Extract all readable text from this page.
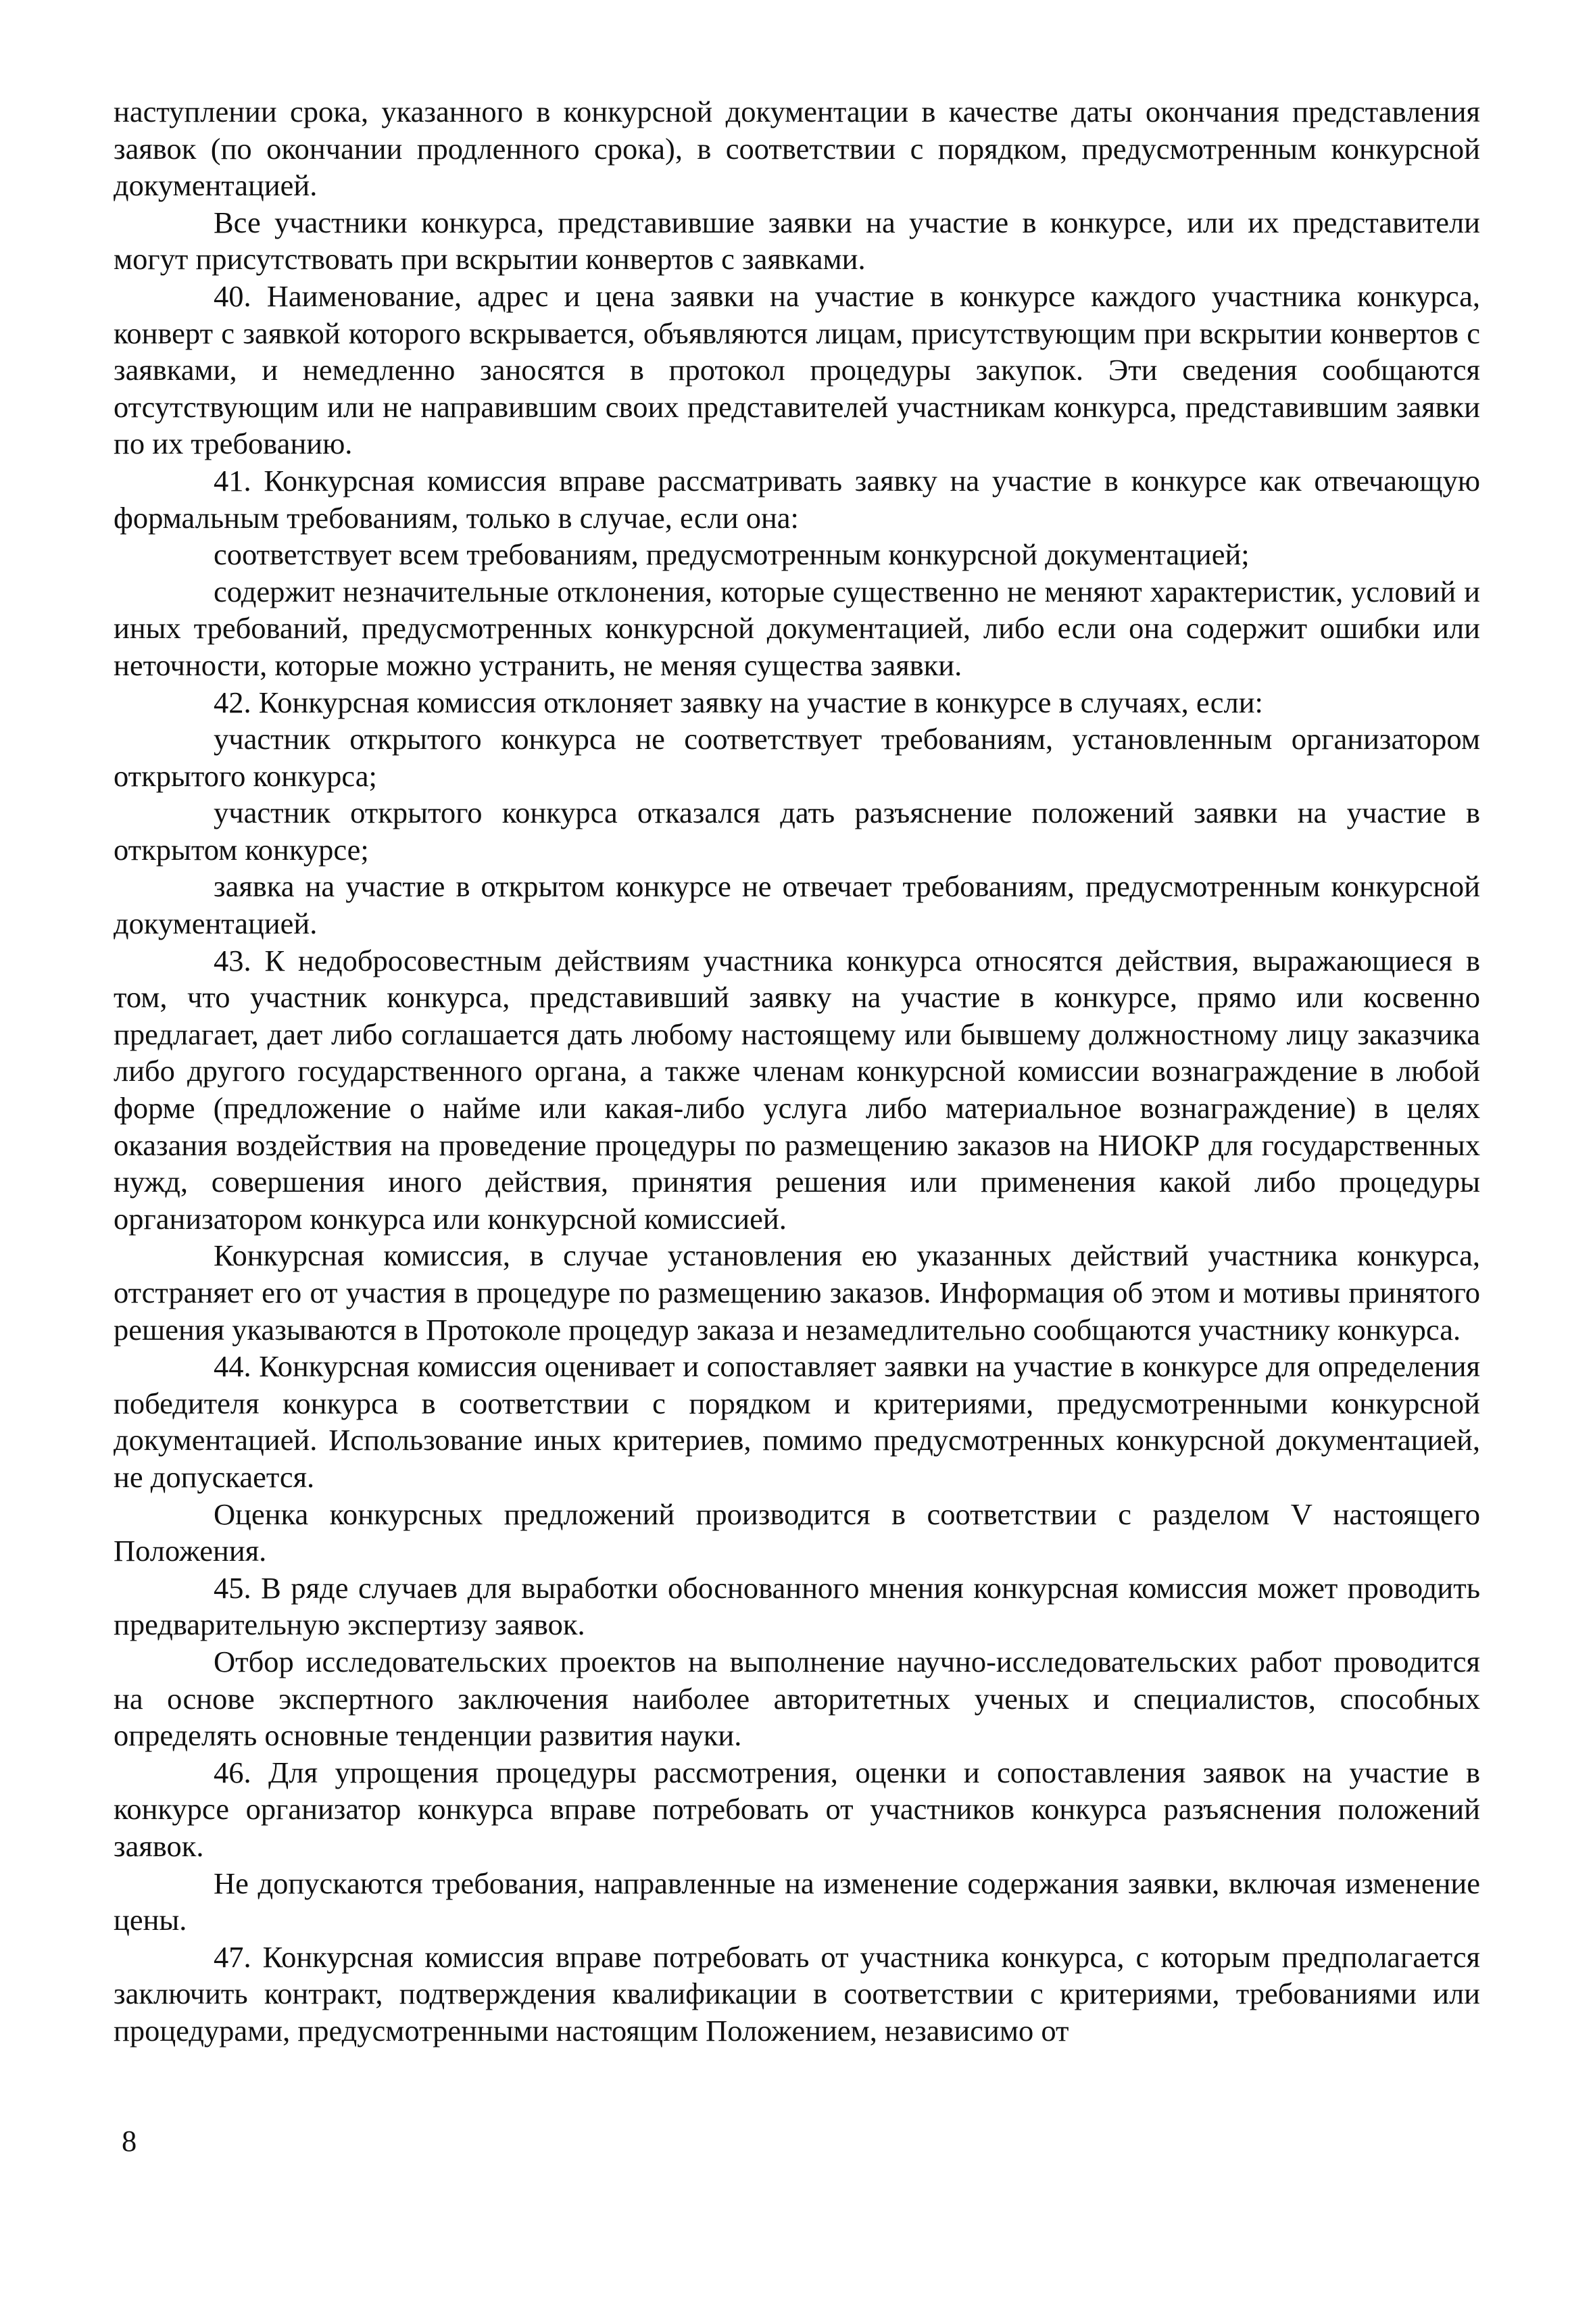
наступлении срока, указанного в конкурсной документации в качестве даты окончания представления заявок (по окончании продленного срока), в соответствии с порядком, предусмотренным конкурсной документацией.

Все участники конкурса, представившие заявки на участие в конкурсе, или их представители могут присутствовать при вскрытии конвертов с заявками.

40. Наименование, адрес и цена заявки на участие в конкурсе каждого участника конкурса, конверт с заявкой которого вскрывается, объявляются лицам, присутствующим при вскрытии конвертов с заявками, и немедленно заносятся в протокол процедуры закупок. Эти сведения сообщаются отсутствующим или не направившим своих представителей участникам конкурса, представившим заявки по их требованию.

41. Конкурсная комиссия вправе рассматривать заявку на участие в конкурсе как отвечающую формальным требованиям, только в случае, если она:

соответствует всем требованиям, предусмотренным конкурсной документацией;

содержит незначительные отклонения, которые существенно не меняют характеристик, условий и иных требований, предусмотренных конкурсной документацией, либо если она содержит ошибки или неточности, которые можно устранить, не меняя существа заявки.

42. Конкурсная комиссия отклоняет заявку на участие в конкурсе в случаях, если:

участник открытого конкурса не соответствует требованиям, установленным организатором открытого конкурса;

участник открытого конкурса отказался дать разъяснение положений заявки на участие в открытом конкурсе;

заявка на участие в открытом конкурсе не отвечает требованиям, предусмотренным конкурсной документацией.

43. К недобросовестным действиям участника конкурса относятся действия, выражающиеся в том, что участник конкурса, представивший заявку на участие в конкурсе, прямо или косвенно предлагает, дает либо соглашается дать любому настоящему или бывшему должностному лицу заказчика либо другого государственного органа, а также членам конкурсной комиссии вознаграждение в любой форме (предложение о найме или какая-либо услуга либо материальное вознаграждение) в целях оказания воздействия на проведение процедуры по размещению заказов на НИОКР для государственных нужд, совершения иного действия, принятия решения или применения какой либо процедуры организатором конкурса или конкурсной комиссией.

Конкурсная комиссия, в случае установления ею указанных действий участника конкурса, отстраняет его от участия в процедуре по размещению заказов. Информация об этом и мотивы принятого решения указываются в Протоколе процедур заказа и незамедлительно сообщаются участнику конкурса.

44. Конкурсная комиссия оценивает и сопоставляет заявки на участие в конкурсе для определения победителя конкурса в соответствии с порядком и критериями, предусмотренными конкурсной документацией. Использование иных критериев, помимо предусмотренных конкурсной документацией, не допускается.

Оценка конкурсных предложений производится в соответствии с разделом V настоящего Положения.

45. В ряде случаев для выработки обоснованного мнения конкурсная комиссия может проводить предварительную экспертизу заявок.

Отбор исследовательских проектов на выполнение научно-исследовательских работ проводится на основе экспертного заключения наиболее авторитетных ученых и специалистов, способных определять основные тенденции развития науки.

46. Для упрощения процедуры рассмотрения, оценки и сопоставления заявок на участие в конкурсе организатор конкурса вправе потребовать от участников конкурса разъяснения положений заявок.

Не допускаются требования, направленные на изменение содержания заявки, включая изменение цены.

47. Конкурсная комиссия вправе потребовать от участника конкурса, с которым предполагается заключить контракт, подтверждения квалификации в соответствии с критериями, требованиями или процедурами, предусмотренными настоящим Положением, независимо от

8
